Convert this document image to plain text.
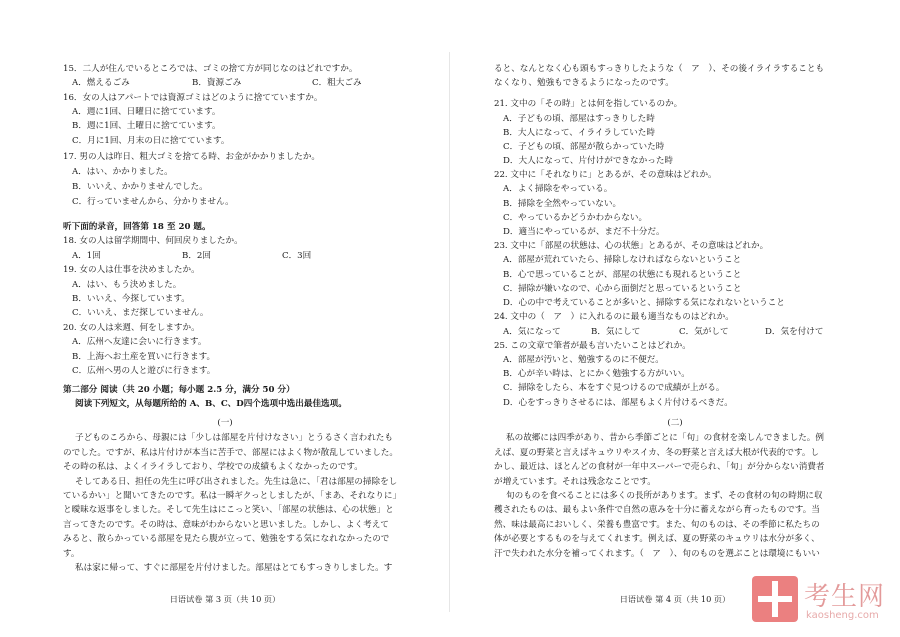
15．二人が住んでいるところでは、ゴミの捨て方が同じなのはどれですか。
A．燃えるごみ	B．資源ごみ	C．粗大ごみ
16．女の人はアパートでは資源ゴミはどのように捨てていますか。
A．週に1回、日曜日に捨てています。
B．週に1回、土曜日に捨てています。
C．月に1回、月末の日に捨てています。
17. 男の人は昨日、粗大ゴミを捨てる時、お金がかかりましたか。
A．はい、かかりました。
B．いいえ、かかりませんでした。
C．行っていませんから、分かりません。
听下面的录音，回答第 18 至 20 题。
18. 女の人は留学期間中、何回戻りましたか。
A．1回	B．2回	C．3回
19. 女の人は仕事を決めましたか。
A．はい、もう決めました。
B．いいえ、今探しています。
C．いいえ、まだ探していません。
20. 女の人は来週、何をしますか。
A．広州へ友達に会いに行きます。
B．上海へお土産を買いに行きます。
C．広州へ男の人と遊びに行きます。
第二部分 阅读（共 20 小题；每小题 2.5 分，满分 50 分）
阅读下列短文，从每题所给的 A、B、C、D四个选项中选出最佳选项。
(一)
子どものころから、母親には「少しは部屋を片付けなさい」とうるさく言われたも
のでした。ですが、私は片付けが本当に苦手で、部屋にはよく物が散乱していました。
その時の私は、よくイライラしており、学校での成績もよくなかったのです。
そしてある日、担任の先生に呼び出されました。先生は急に、「君は部屋の掃除をし
ているかい」と聞いてきたのです。私は一瞬ギクっとしましたが、「まあ、それなりに」
と曖昧な返事をしました。そして先生はにこっと笑い、「部屋の状態は、心の状態」と
言ってきたのです。その時は、意味がわからないと思いました。しかし、よく考えて
みると、散らかっている部屋を見たら腹が立って、勉強をする気になれなかったので
す。
私は家に帰って、すぐに部屋を片付けました。部屋はとてもすっきりしました。す
日语试卷 第 3 页（共 10 页）
ると、なんとなく心も頭もすっきりしたような（　ア　）、その後イライラすることも
なくなり、勉強もできるようになったのです。
21. 文中の「その時」とは何を指しているのか。
A．子どもの頃、部屋はすっきりした時
B．大人になって、イライラしていた時
C．子どもの頃、部屋が散らかっていた時
D．大人になって、片付けができなかった時
22. 文中に「それなりに」とあるが、その意味はどれか。
A．よく掃除をやっている。
B．掃除を全然やっていない。
C．やっているかどうかわからない。
D．適当にやっているが、まだ不十分だ。
23. 文中に「部屋の状態は、心の状態」とあるが、その意味はどれか。
A．部屋が荒れていたら、掃除しなければならないということ
B．心で思っていることが、部屋の状態にも現れるということ
C．掃除が嫌いなので、心から面倒だと思っているということ
D．心の中で考えていることが多いと、掃除する気になれないということ
24. 文中の（　ア　）に入れるのに最も適当なものはどれか。
A．気になって	B．気にして	C．気がして	D．気を付けて
25. この文章で筆者が最も言いたいことはどれか。
A．部屋が汚いと、勉強するのに不便だ。
B．心が辛い時は、とにかく勉強する方がいい。
C．掃除をしたら、本をすぐ見つけるので成績が上がる。
D．心をすっきりさせるには、部屋もよく片付けるべきだ。
(二)
私の故郷には四季があり、昔から季節ごとに「旬」の食材を楽しんできました。例
えば、夏の野菜と言えばキュウリやスイカ、冬の野菜と言えば大根が代表的です。し
かし、最近は、ほとんどの食材が一年中スーパーで売られ、「旬」が分からない消費者
が増えています。それは残念なことです。
旬のものを食べることには多くの長所があります。まず、その食材の旬の時期に収
穫されたものは、最もよい条件で自然の恵みを十分に蓄えながら育ったものです。当
然、味は最高においしく、栄養も豊富です。また、旬のものは、その季節に私たちの
体が必要とするものを与えてくれます。例えば、夏の野菜のキュウリは水分が多く、
汗で失われた水分を補ってくれます。（　ア　）、旬のものを選ぶことは環境にもいい
日语试卷 第 4 页（共 10 页）	考生网
kaosheng.com
